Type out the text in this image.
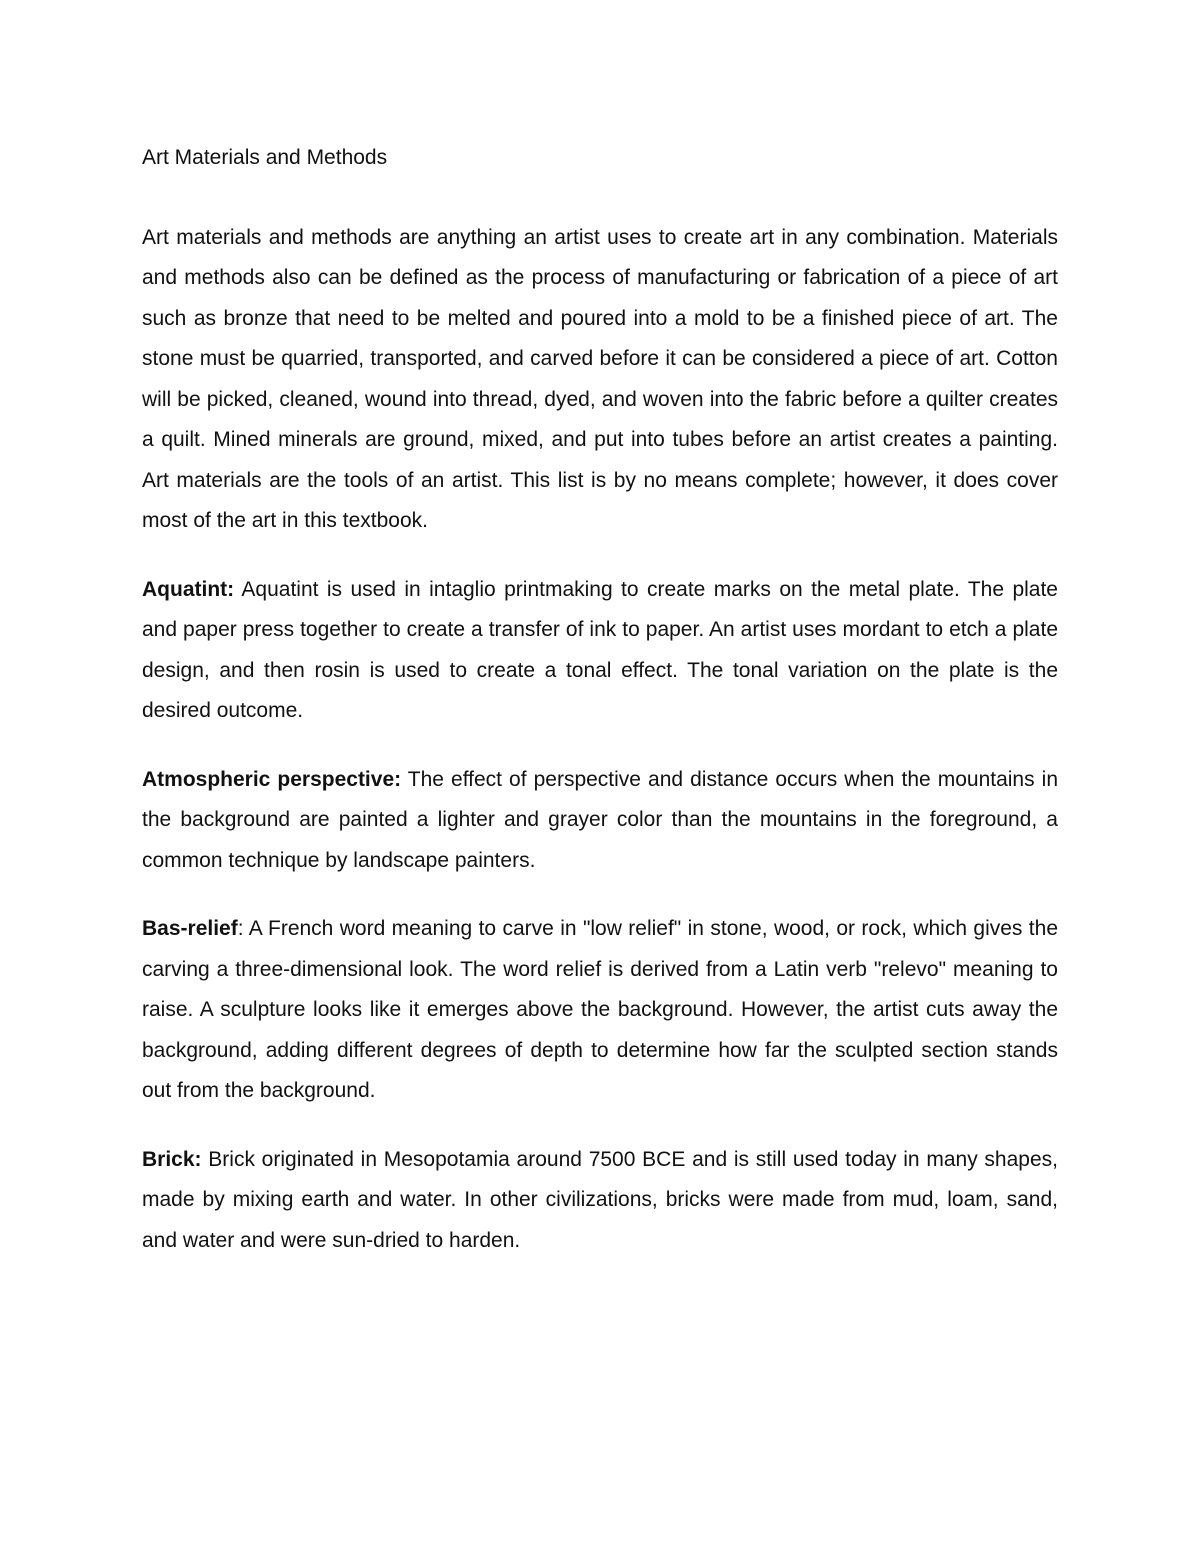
Art Materials and Methods

Art materials and methods are anything an artist uses to create art in any combination. Materials and methods also can be defined as the process of manufacturing or fabrication of a piece of art such as bronze that need to be melted and poured into a mold to be a finished piece of art. The stone must be quarried, transported, and carved before it can be considered a piece of art. Cotton will be picked, cleaned, wound into thread, dyed, and woven into the fabric before a quilter creates a quilt. Mined minerals are ground, mixed, and put into tubes before an artist creates a painting. Art materials are the tools of an artist. This list is by no means complete; however, it does cover most of the art in this textbook.

Aquatint: Aquatint is used in intaglio printmaking to create marks on the metal plate. The plate and paper press together to create a transfer of ink to paper. An artist uses mordant to etch a plate design, and then rosin is used to create a tonal effect. The tonal variation on the plate is the desired outcome.

Atmospheric perspective: The effect of perspective and distance occurs when the mountains in the background are painted a lighter and grayer color than the mountains in the foreground, a common technique by landscape painters.

Bas-relief: A French word meaning to carve in "low relief" in stone, wood, or rock, which gives the carving a three-dimensional look. The word relief is derived from a Latin verb "relevo" meaning to raise. A sculpture looks like it emerges above the background. However, the artist cuts away the background, adding different degrees of depth to determine how far the sculpted section stands out from the background.

Brick: Brick originated in Mesopotamia around 7500 BCE and is still used today in many shapes, made by mixing earth and water. In other civilizations, bricks were made from mud, loam, sand, and water and were sun-dried to harden.
